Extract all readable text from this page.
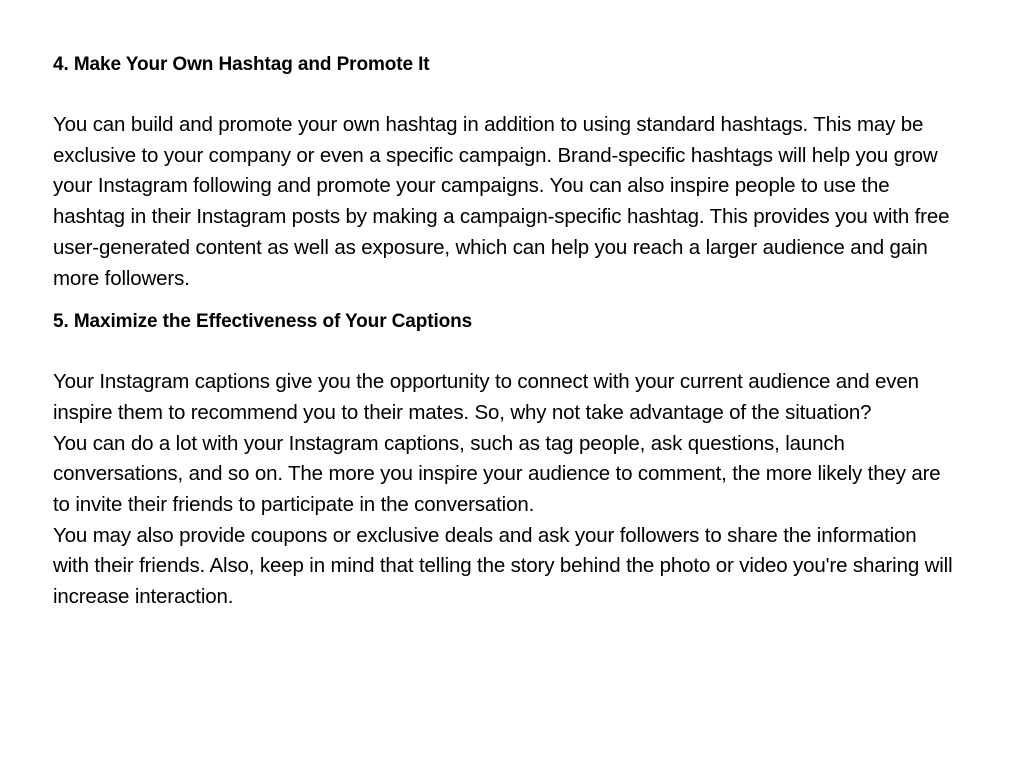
4. Make Your Own Hashtag and Promote It

You can build and promote your own hashtag in addition to using standard hashtags. This may be exclusive to your company or even a specific campaign. Brand-specific hashtags will help you grow your Instagram following and promote your campaigns. You can also inspire people to use the hashtag in their Instagram posts by making a campaign-specific hashtag. This provides you with free user-generated content as well as exposure, which can help you reach a larger audience and gain more followers.

5. Maximize the Effectiveness of Your Captions

Your Instagram captions give you the opportunity to connect with your current audience and even inspire them to recommend you to their mates. So, why not take advantage of the situation?

You can do a lot with your Instagram captions, such as tag people, ask questions, launch conversations, and so on. The more you inspire your audience to comment, the more likely they are to invite their friends to participate in the conversation.

You may also provide coupons or exclusive deals and ask your followers to share the information with their friends. Also, keep in mind that telling the story behind the photo or video you're sharing will increase interaction.
